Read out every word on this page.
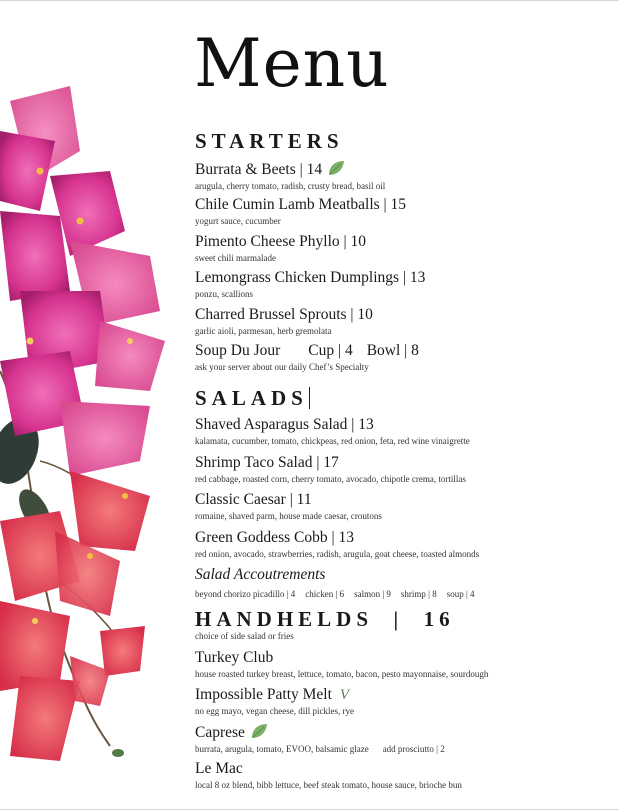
Menu
STARTERS
Burrata & Beets | 14
arugula, cherry tomato, radish, crusty bread, basil oil
Chile Cumin Lamb Meatballs | 15
yogurt sauce, cucumber
Pimento Cheese Phyllo | 10
sweet chili marmalade
Lemongrass Chicken Dumplings | 13
ponzu, scallions
Charred Brussel Sprouts | 10
garlic aioli, parmesan, herb gremolata
Soup Du Jour Cup | 4 Bowl | 8
ask your server about our daily Chef’s Specialty
SALADS
Shaved Asparagus Salad | 13
kalamata, cucumber, tomato, chickpeas, red onion, feta, red wine vinaigrette
Shrimp Taco Salad | 17
red cabbage, roasted corn, cherry tomato, avocado, chipotle crema, tortillas
Classic Caesar | 11
romaine, shaved parm, house made caesar, croutons
Green Goddess Cobb | 13
red onion, avocado, strawberries, radish, arugula, goat cheese, toasted almonds
Salad Accoutrements
beyond chorizo picadillo | 4 chicken | 6 salmon | 9 shrimp | 8 soup | 4
HANDHELDS  |  16
choice of side salad or fries
Turkey Club
house roasted turkey breast, lettuce, tomato, bacon, pesto mayonnaise, sourdough
Impossible Patty Melt V
no egg mayo, vegan cheese, dill pickles, rye
Caprese
burrata, arugula, tomato, EVOO, balsamic glaze add prosciutto | 2
Le Mac
local 8 oz blend, bibb lettuce, beef steak tomato, house sauce, brioche bun
